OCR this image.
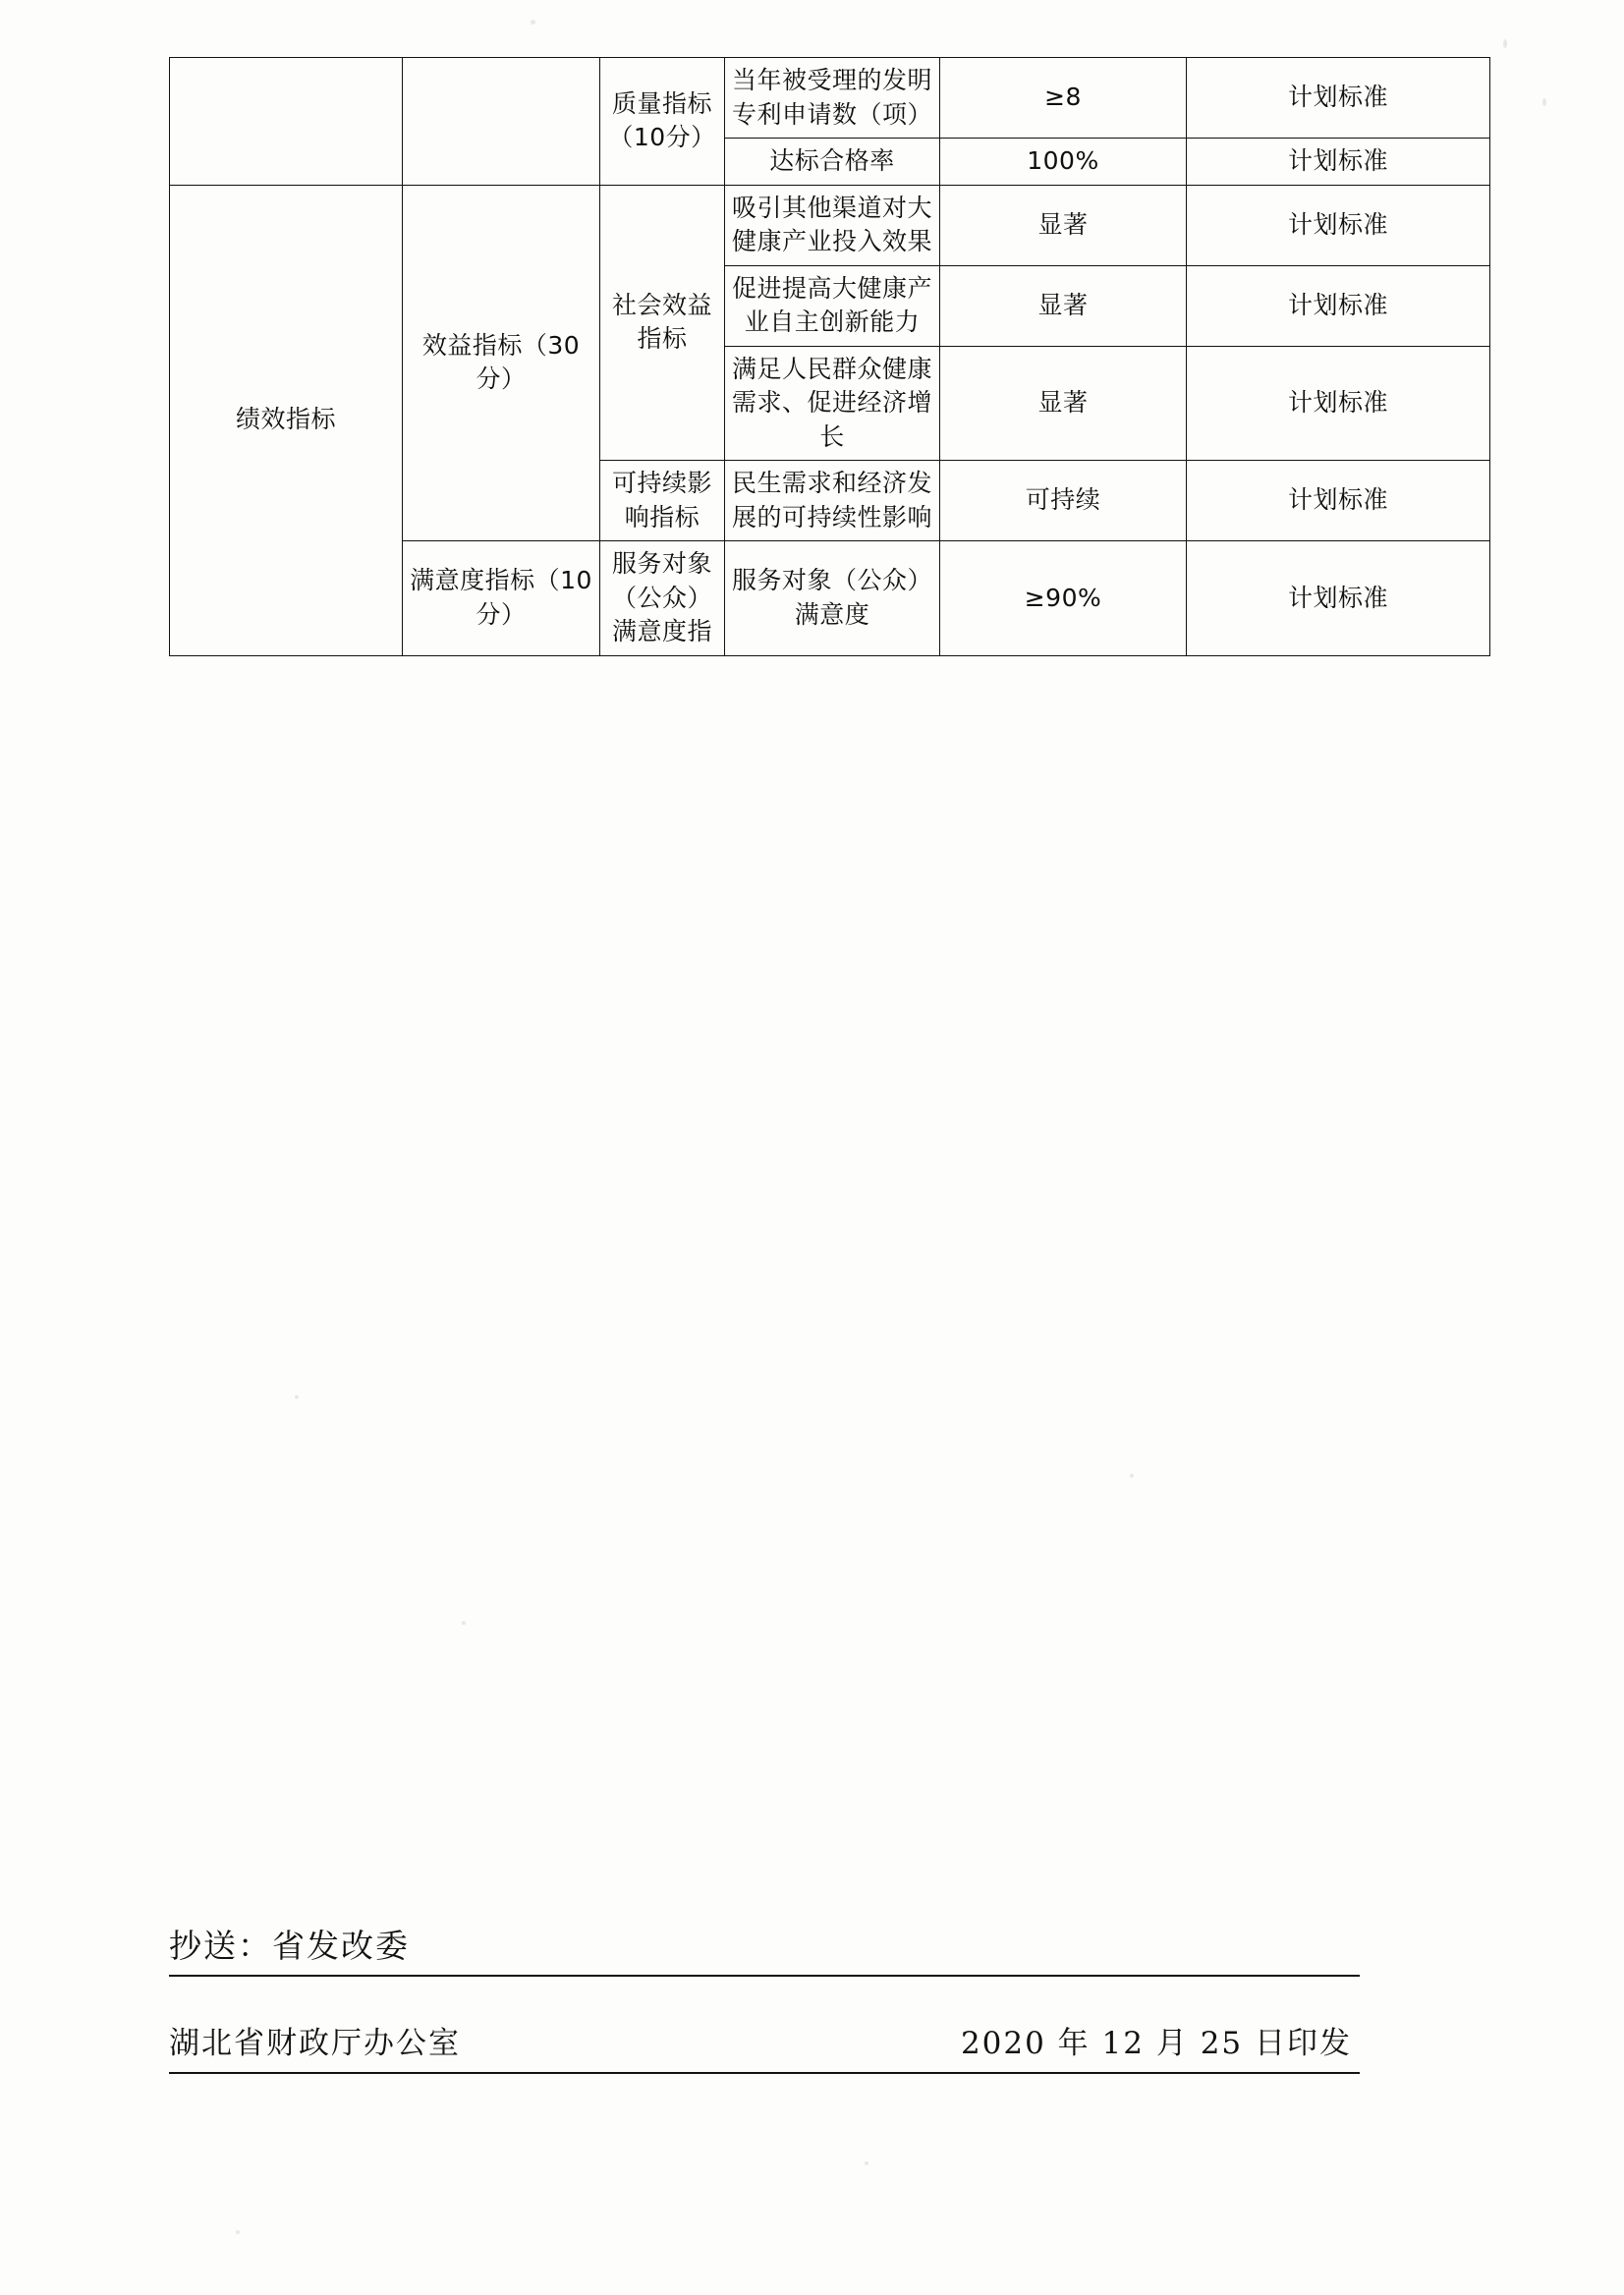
		质量指标（10分）	当年被受理的发明专利申请数（项）	≥8	计划标准
			达标合格率	100%	计划标准
绩效指标	效益指标（30分）	社会效益指标	吸引其他渠道对大健康产业投入效果	显著	计划标准
			促进提高大健康产业自主创新能力	显著	计划标准
			满足人民群众健康需求、促进经济增长	显著	计划标准
		可持续影响指标	民生需求和经济发展的可持续性影响	可持续	计划标准
	满意度指标（10分）	服务对象（公众）满意度指	服务对象（公众）满意度	≥90%	计划标准
抄送：省发改委
湖北省财政厅办公室	2020 年 12 月 25 日印发
